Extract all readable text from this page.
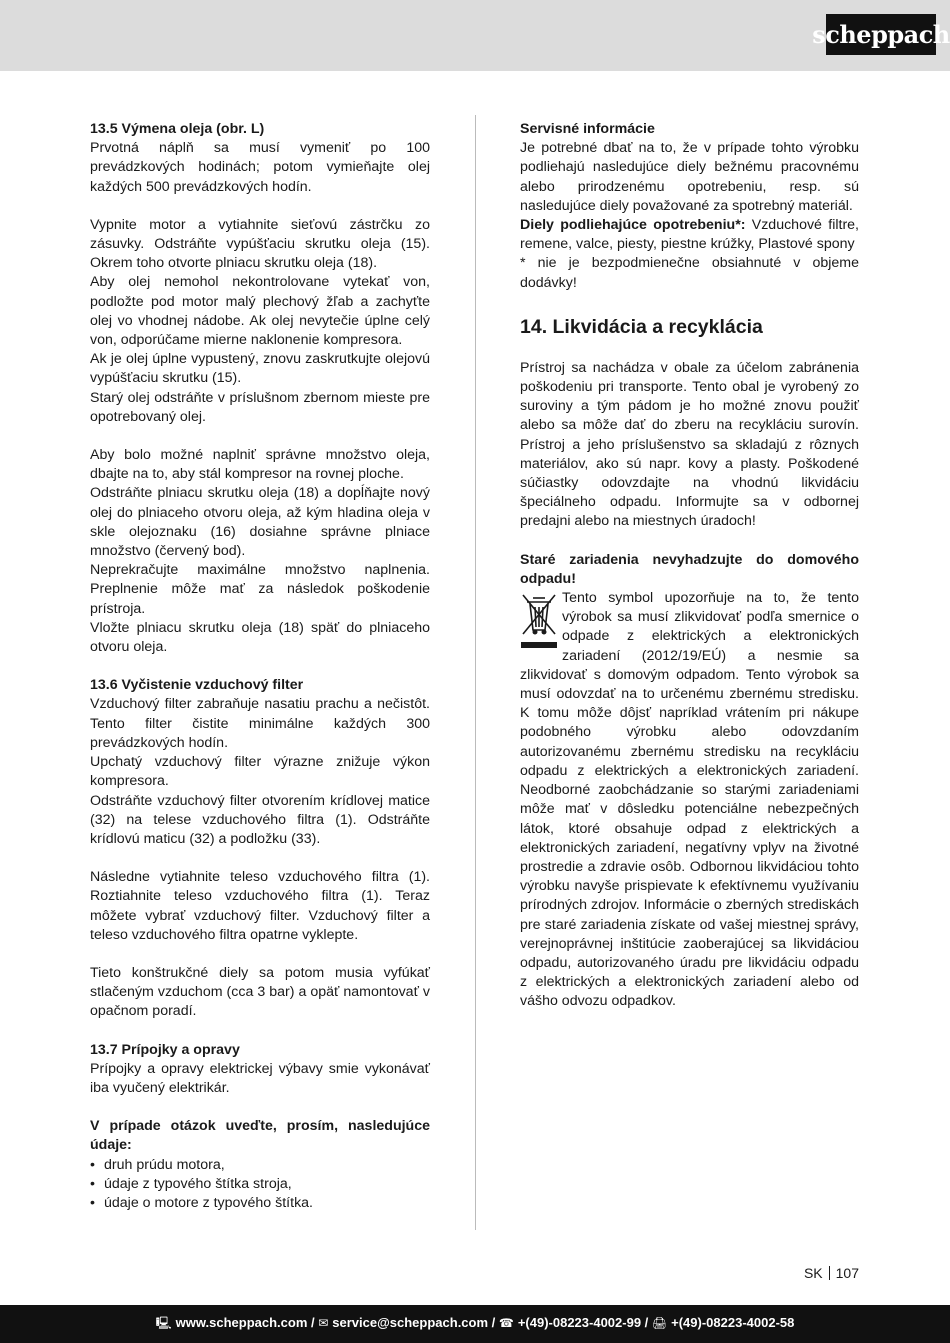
scheppach
13.5 Výmena oleja (obr. L)

Prvotná náplň sa musí vymeniť po 100 prevádzkových hodinách; potom vymieňajte olej každých 500 prevádzkových hodín.

Vypnite motor a vytiahnite sieťovú zástrčku zo zásuvky. Odstráňte vypúšťaciu skrutku oleja (15). Okrem toho otvorte plniacu skrutku oleja (18).

Aby olej nemohol nekontrolovane vytekať von, podložte pod motor malý plechový žľab a zachyťte olej vo vhodnej nádobe. Ak olej nevytečie úplne celý von, odporúčame mierne naklonenie kompresora.

Ak je olej úplne vypustený, znovu zaskrutkujte olejovú vypúšťaciu skrutku (15).

Starý olej odstráňte v príslušnom zbernom mieste pre opotrebovaný olej.

Aby bolo možné naplniť správne množstvo oleja, dbajte na to, aby stál kompresor na rovnej ploche.

Odstráňte plniacu skrutku oleja (18) a dopĺňajte nový olej do plniaceho otvoru oleja, až kým hladina oleja v skle olejoznaku (16) dosiahne správne plniace množstvo (červený bod).

Neprekračujte maximálne množstvo naplnenia. Preplnenie môže mať za následok poškodenie prístroja.

Vložte plniacu skrutku oleja (18) späť do plniaceho otvoru oleja.

13.6 Vyčistenie vzduchový filter

Vzduchový filter zabraňuje nasatiu prachu a nečistôt. Tento filter čistite minimálne každých 300 prevádzkových hodín.

Upchatý vzduchový filter výrazne znižuje výkon kompresora.

Odstráňte vzduchový filter otvorením krídlovej matice (32) na telese vzduchového filtra (1). Odstráňte krídlovú maticu (32) a podložku (33).

Následne vytiahnite teleso vzduchového filtra (1). Roztiahnite teleso vzduchového filtra (1). Teraz môžete vybrať vzduchový filter. Vzduchový filter a teleso vzduchového filtra opatrne vyklepte.

Tieto konštrukčné diely sa potom musia vyfúkať stlačeným vzduchom (cca 3 bar) a opäť namontovať v opačnom poradí.

13.7 Prípojky a opravy

Prípojky a opravy elektrickej výbavy smie vykonávať iba vyučený elektrikár.

V prípade otázok uveďte, prosím, nasledujúce údaje:

• druh prúdu motora,
• údaje z typového štítka stroja,
• údaje o motore z typového štítka.
Servisné informácie

Je potrebné dbať na to, že v prípade tohto výrobku podliehajú nasledujúce diely bežnému pracovnému alebo prirodzenému opotrebeniu, resp. sú nasledujúce diely považované za spotrebný materiál.

Diely podliehajúce opotrebeniu*: Vzduchové filtre, remene, valce, piesty, piestne krúžky, Plastové spony

* nie je bezpodmienečne obsiahnuté v objeme dodávky!

14. Likvidácia a recyklácia

Prístroj sa nachádza v obale za účelom zabránenia poškodeniu pri transporte. Tento obal je vyrobený zo suroviny a tým pádom je ho možné znovu použiť alebo sa môže dať do zberu na recykláciu surovín. Prístroj a jeho príslušenstvo sa skladajú z rôznych materiálov, ako sú napr. kovy a plasty. Poškodené súčiastky odovzdajte na vhodnú likvidáciu špeciálneho odpadu. Informujte sa v odbornej predajni alebo na miestnych úradoch!

Staré zariadenia nevyhadzujte do domového odpadu!

Tento symbol upozorňuje na to, že tento výrobok sa musí zlikvidovať podľa smernice o odpade z elektrických a elektronických zariadení (2012/19/EÚ) a nesmie sa zlikvidovať s domovým odpadom. Tento výrobok sa musí odovzdať na to určenému zbernému stredisku. K tomu môže dôjsť napríklad vrátením pri nákupe podobného výrobku alebo odovzdaním autorizovanému zbernému stredisku na recykláciu odpadu z elektrických a elektronických zariadení. Neodborné zaobchádzanie so starými zariadeniami môže mať v dôsledku potenciálne nebezpečných látok, ktoré obsahuje odpad z elektrických a elektronických zariadení, negatívny vplyv na životné prostredie a zdravie osôb. Odbornou likvidáciou tohto výrobku navyše prispievate k efektívnemu využívaniu prírodných zdrojov. Informácie o zberných strediskách pre staré zariadenia získate od vašej miestnej správy, verejnoprávnej inštitúcie zaoberajúcej sa likvidáciou odpadu, autorizovaného úradu pre likvidáciu odpadu z elektrických a elektronických zariadení alebo od vášho odvozu odpadkov.

SK 107
🖳 www.scheppach.com / ✉ service@scheppach.com / ☎ +(49)-08223-4002-99 / 🖨 +(49)-08223-4002-58
